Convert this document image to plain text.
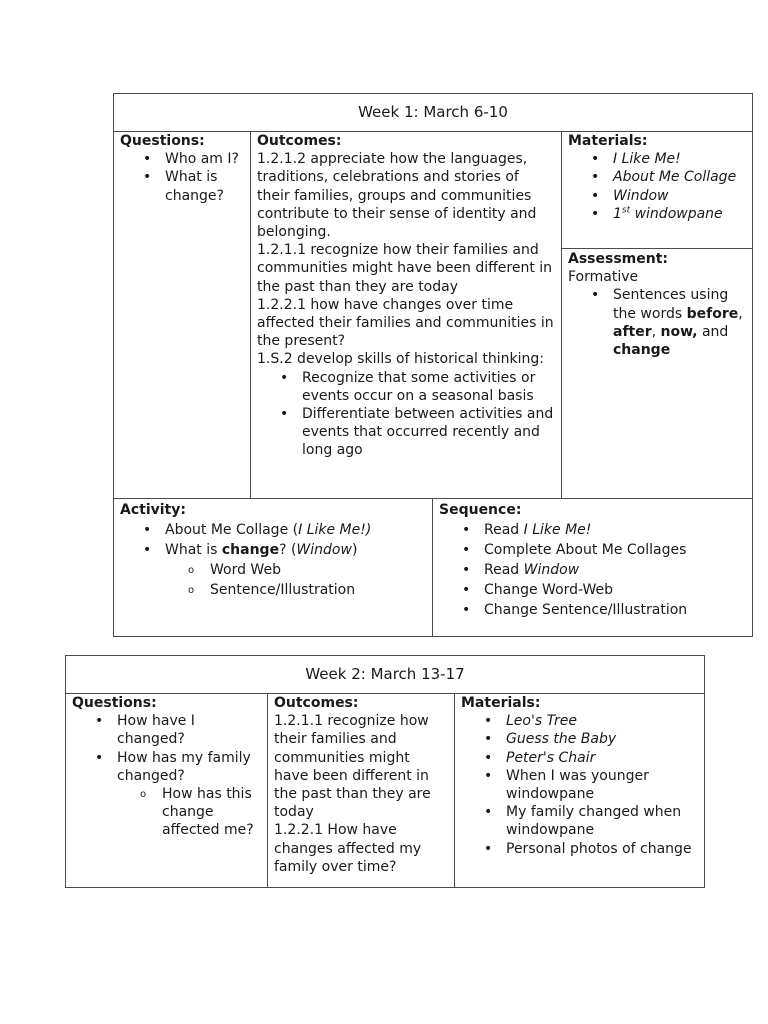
Week 1: March 6-10
Questions:
• Who am I?
• What is change?
Outcomes:
1.2.1.2 appreciate how the languages, traditions, celebrations and stories of their families, groups and communities contribute to their sense of identity and belonging.
1.2.1.1 recognize how their families and communities might have been different in the past than they are today
1.2.2.1 how have changes over time affected their families and communities in the present?
1.S.2 develop skills of historical thinking:
• Recognize that some activities or events occur on a seasonal basis
• Differentiate between activities and events that occurred recently and long ago
Materials:
• I Like Me!
• About Me Collage
• Window
• 1st windowpane
Assessment:
Formative
• Sentences using the words before, after, now, and change
Activity:
• About Me Collage (I Like Me!)
• What is change? (Window)
o Word Web
o Sentence/Illustration
Sequence:
• Read I Like Me!
• Complete About Me Collages
• Read Window
• Change Word-Web
• Change Sentence/Illustration
Week 2: March 13-17
Questions:
• How have I changed?
• How has my family changed?
o How has this change affected me?
Outcomes:
1.2.1.1 recognize how their families and communities might have been different in the past than they are today
1.2.2.1 How have changes affected my family over time?
Materials:
• Leo's Tree
• Guess the Baby
• Peter's Chair
• When I was younger windowpane
• My family changed when windowpane
• Personal photos of change
